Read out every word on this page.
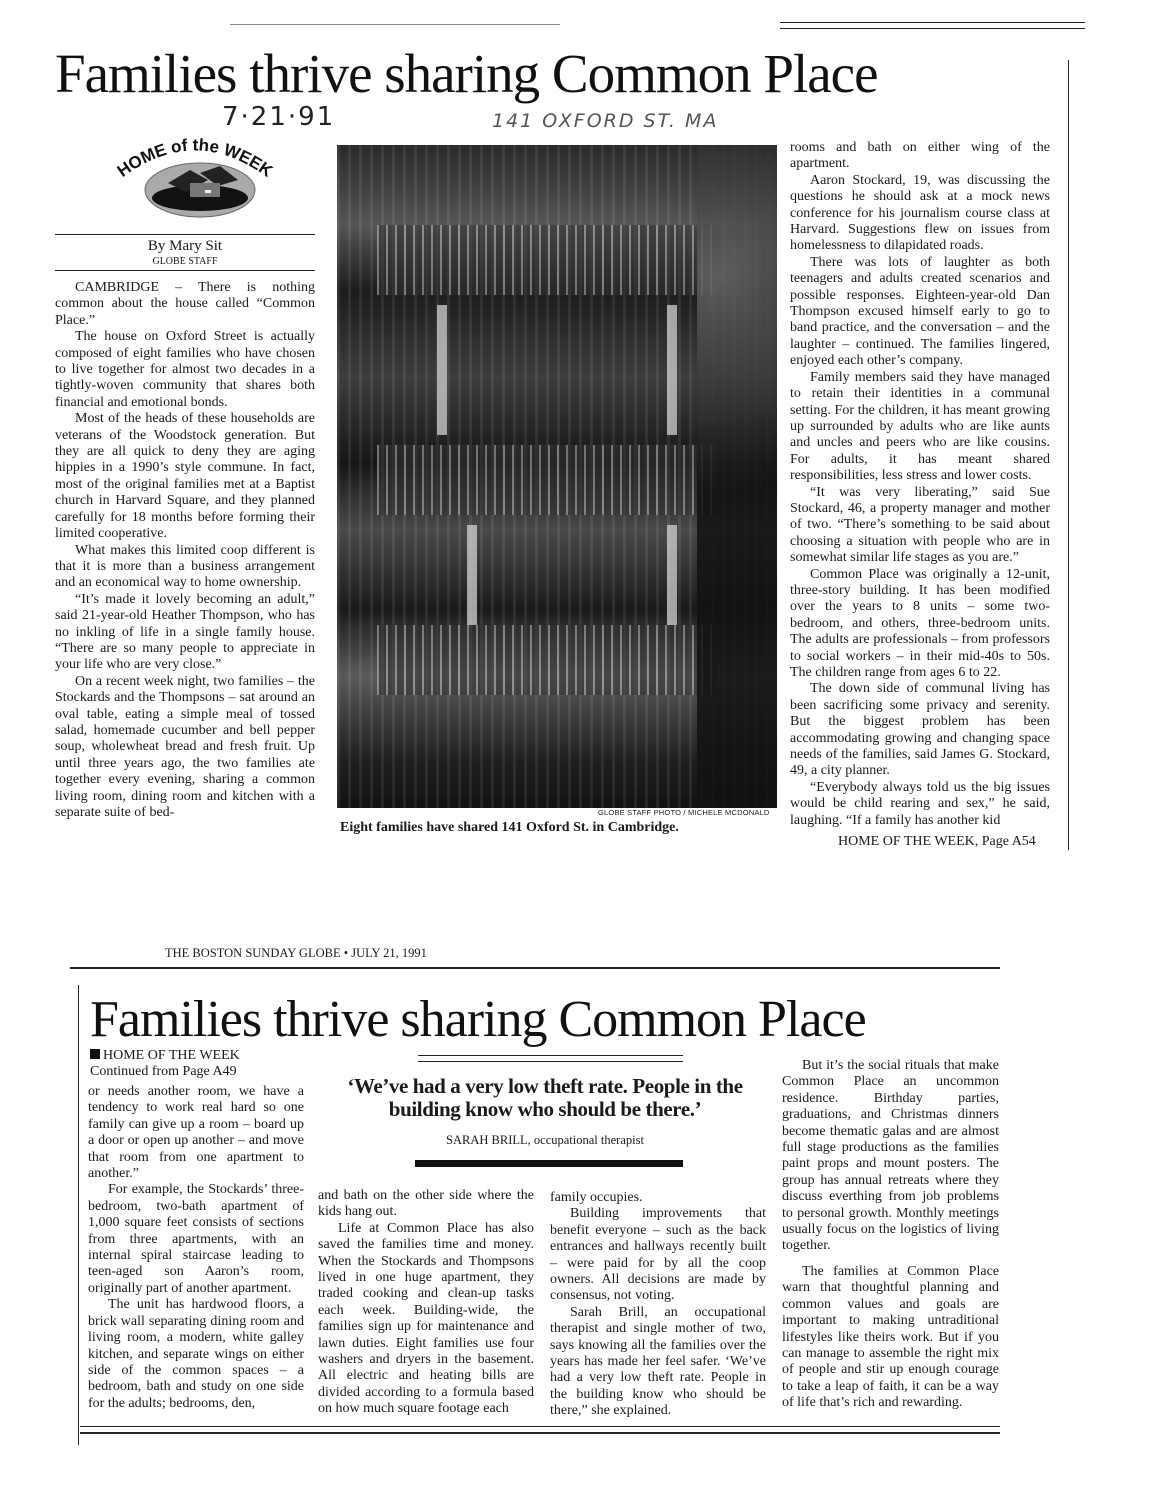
Families thrive sharing Common Place
7·21·91	141 OXFORD ST. MA
HOME of the WEEK
By Mary Sit
GLOBE STAFF

CAMBRIDGE – There is nothing common about the house called “Common Place.”

The house on Oxford Street is actually composed of eight families who have chosen to live together for almost two decades in a tightly-woven community that shares both financial and emotional bonds.

Most of the heads of these households are veterans of the Woodstock generation. But they are all quick to deny they are aging hippies in a 1990’s style commune. In fact, most of the original families met at a Baptist church in Harvard Square, and they planned carefully for 18 months before forming their limited cooperative.

What makes this limited coop different is that it is more than a business arrangement and an economical way to home ownership.

“It’s made it lovely becoming an adult,” said 21-year-old Heather Thompson, who has no inkling of life in a single family house. “There are so many people to appreciate in your life who are very close.”

On a recent week night, two families – the Stockards and the Thompsons – sat around an oval table, eating a simple meal of tossed salad, homemade cucumber and bell pepper soup, wholewheat bread and fresh fruit. Up until three years ago, the two families ate together every evening, sharing a common living room, dining room and kitchen with a separate suite of bed-	GLOBE STAFF PHOTO / MICHELE MCDONALD
Eight families have shared 141 Oxford St. in Cambridge.

rooms and bath on either wing of the apartment.

Aaron Stockard, 19, was discussing the questions he should ask at a mock news conference for his journalism course class at Harvard. Suggestions flew on issues from homelessness to dilapidated roads.

There was lots of laughter as both teenagers and adults created scenarios and possible responses. Eighteen-year-old Dan Thompson excused himself early to go to band practice, and the conversation – and the laughter – continued. The families lingered, enjoyed each other’s company.

Family members said they have managed to retain their identities in a communal setting. For the children, it has meant growing up surrounded by adults who are like aunts and uncles and peers who are like cousins. For adults, it has meant shared responsibilities, less stress and lower costs.

“It was very liberating,” said Sue Stockard, 46, a property manager and mother of two. “There’s something to be said about choosing a situation with people who are in somewhat similar life stages as you are.”

Common Place was originally a 12-unit, three-story building. It has been modified over the years to 8 units – some two-bedroom, and others, three-bedroom units. The adults are professionals – from professors to social workers – in their mid-40s to 50s. The children range from ages 6 to 22.

The down side of communal living has been sacrificing some privacy and serenity. But the biggest problem has been accommodating growing and changing space needs of the families, said James G. Stockard, 49, a city planner.

“Everybody always told us the big issues would be child rearing and sex,” he said, laughing. “If a family has another kid

HOME OF THE WEEK, Page A54
THE BOSTON SUNDAY GLOBE • JULY 21, 1991
Families thrive sharing Common Place
HOME OF THE WEEK
Continued from Page A49

or needs another room, we have a tendency to work real hard so one family can give up a room – board up a door or open up another – and move that room from one apartment to another.”

For example, the Stockards’ three-bedroom, two-bath apartment of 1,000 square feet consists of sections from three apartments, with an internal spiral staircase leading to teen-aged son Aaron’s room, originally part of another apartment.

The unit has hardwood floors, a brick wall separating dining room and living room, a modern, white galley kitchen, and separate wings on either side of the common spaces – a bedroom, bath and study on one side for the adults; bedrooms, den,

‘We’ve had a very low theft rate. People in the building know who should be there.’
SARAH BRILL, occupational therapist

and bath on the other side where the kids hang out.

Life at Common Place has also saved the families time and money. When the Stockards and Thompsons lived in one huge apartment, they traded cooking and clean-up tasks each week. Building-wide, the families sign up for maintenance and lawn duties. Eight families use four washers and dryers in the basement. All electric and heating bills are divided according to a formula based on how much square footage each

family occupies.

Building improvements that benefit everyone – such as the back entrances and hallways recently built – were paid for by all the coop owners. All decisions are made by consensus, not voting.

Sarah Brill, an occupational therapist and single mother of two, says knowing all the families over the years has made her feel safer. ‘We’ve had a very low theft rate. People in the building know who should be there,” she explained.

But it’s the social rituals that make Common Place an uncommon residence. Birthday parties, graduations, and Christmas dinners become thematic galas and are almost full stage productions as the families paint props and mount posters. The group has annual retreats where they discuss everthing from job problems to personal growth. Monthly meetings usually focus on the logistics of living together.

The families at Common Place warn that thoughtful planning and common values and goals are important to making untraditional lifestyles like theirs work. But if you can manage to assemble the right mix of people and stir up enough courage to take a leap of faith, it can be a way of life that’s rich and rewarding.
